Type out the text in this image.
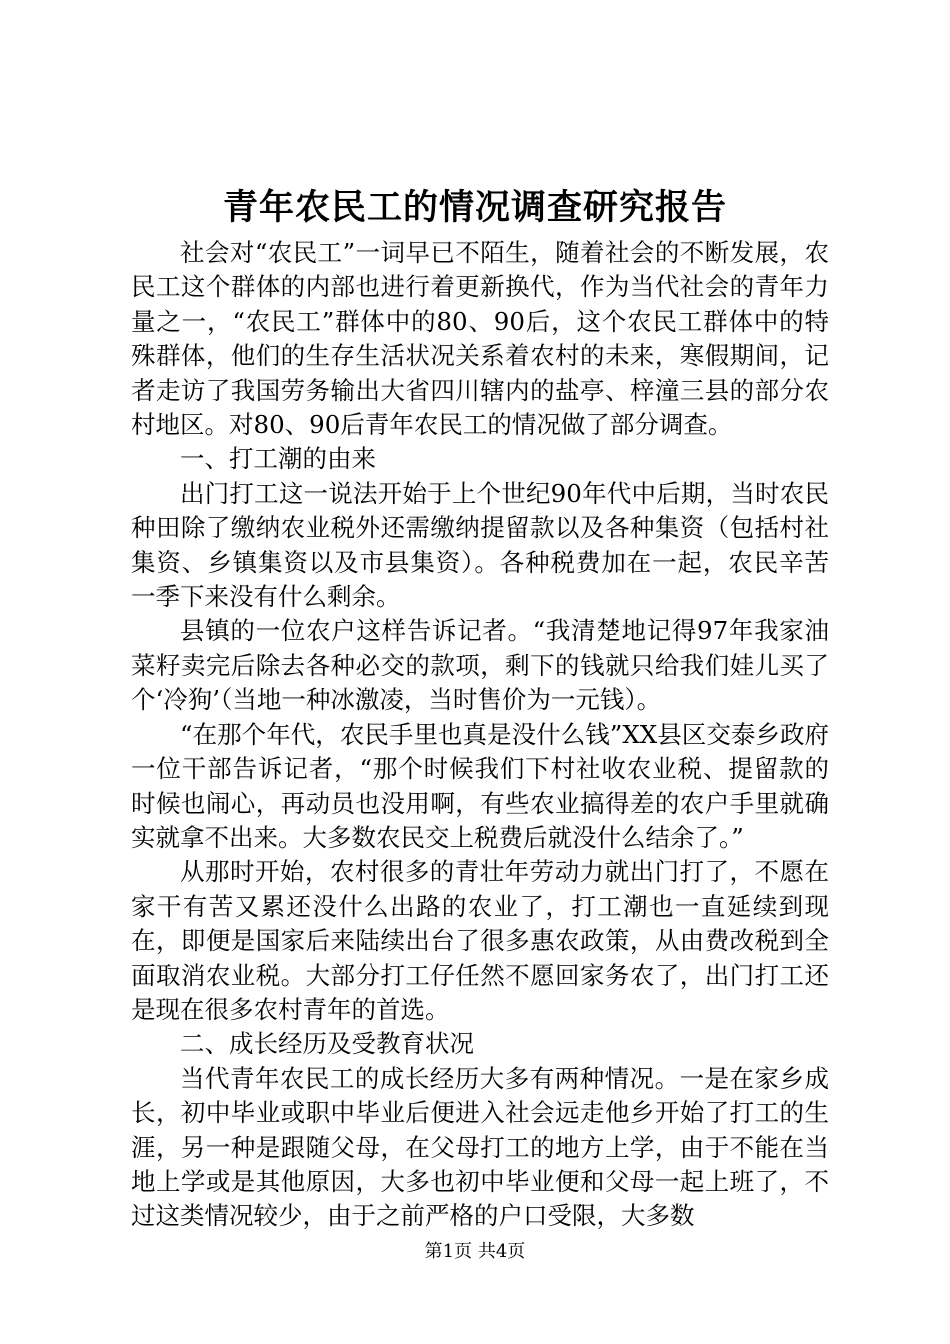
青年农民工的情况调查研究报告

社会对“农民工”一词早已不陌生，随着社会的不断发展，农民工这个群体的内部也进行着更新换代，作为当代社会的青年力量之一，“农民工”群体中的80、90后，这个农民工群体中的特殊群体，他们的生存生活状况关系着农村的未来，寒假期间，记者走访了我国劳务输出大省四川辖内的盐亭、梓潼三县的部分农村地区。对80、90后青年农民工的情况做了部分调查。

一、打工潮的由来

出门打工这一说法开始于上个世纪90年代中后期，当时农民种田除了缴纳农业税外还需缴纳提留款以及各种集资（包括村社集资、乡镇集资以及市县集资）。各种税费加在一起，农民辛苦一季下来没有什么剩余。

县镇的一位农户这样告诉记者。“我清楚地记得97年我家油菜籽卖完后除去各种必交的款项，剩下的钱就只给我们娃儿买了个‘冷狗’（当地一种冰激凌，当时售价为一元钱）。

“在那个年代，农民手里也真是没什么钱”XX县区交泰乡政府一位干部告诉记者，“那个时候我们下村社收农业税、提留款的时候也闹心，再动员也没用啊，有些农业搞得差的农户手里就确实就拿不出来。大多数农民交上税费后就没什么结余了。”

从那时开始，农村很多的青壮年劳动力就出门打了，不愿在家干有苦又累还没什么出路的农业了，打工潮也一直延续到现在，即便是国家后来陆续出台了很多惠农政策，从由费改税到全面取消农业税。大部分打工仔任然不愿回家务农了，出门打工还是现在很多农村青年的首选。

二、成长经历及受教育状况

当代青年农民工的成长经历大多有两种情况。一是在家乡成长，初中毕业或职中毕业后便进入社会远走他乡开始了打工的生涯，另一种是跟随父母，在父母打工的地方上学，由于不能在当地上学或是其他原因，大多也初中毕业便和父母一起上班了，不过这类情况较少，由于之前严格的户口受限，大多数

第1页 共4页
